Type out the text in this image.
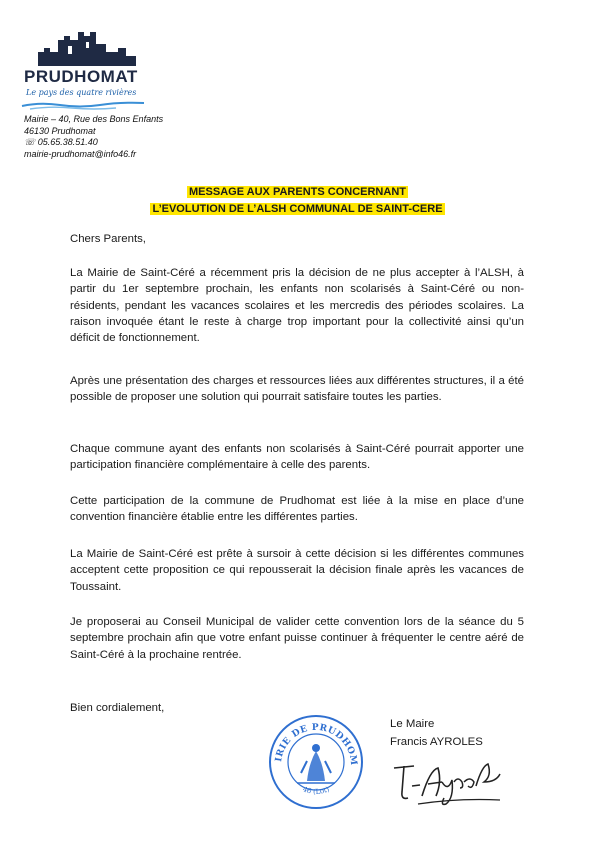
PRUDHOMAT
Le pays des quatre rivières
Mairie – 40, Rue des Bons Enfants
46130 Prudhomat
☏ 05.65.38.51.40
mairie-prudhomat@info46.fr
MESSAGE AUX PARENTS CONCERNANT
L’EVOLUTION DE L’ALSH COMMUNAL DE SAINT-CERE
Chers Parents,
La Mairie de Saint-Céré a récemment pris la décision de ne plus accepter à l’ALSH, à partir du 1er septembre prochain, les enfants non scolarisés à Saint-Céré ou non-résidents, pendant les vacances scolaires et les mercredis des périodes scolaires. La raison invoquée étant le reste à charge trop important pour la collectivité ainsi qu’un déficit de fonctionnement.
Après une présentation des charges et ressources liées aux différentes structures, il a été possible de proposer une solution qui pourrait satisfaire toutes les parties.
Chaque commune ayant des enfants non scolarisés à Saint-Céré pourrait apporter une participation financière complémentaire à celle des parents.
Cette participation de la commune de Prudhomat est liée à la mise en place d’une convention financière établie entre les différentes parties.
La Mairie de Saint-Céré est prête à sursoir à cette décision si les différentes communes acceptent cette proposition ce qui repousserait la décision finale après les vacances de Toussaint.
Je proposerai au Conseil Municipal de valider cette convention lors de la séance du 5 septembre prochain afin que votre enfant puisse continuer à fréquenter le centre aéré de Saint-Céré à la prochaine rentrée.
Bien cordialement,
IRIE DE PRUDHOM
46 (Lot)
Le Maire
Francis AYROLES
